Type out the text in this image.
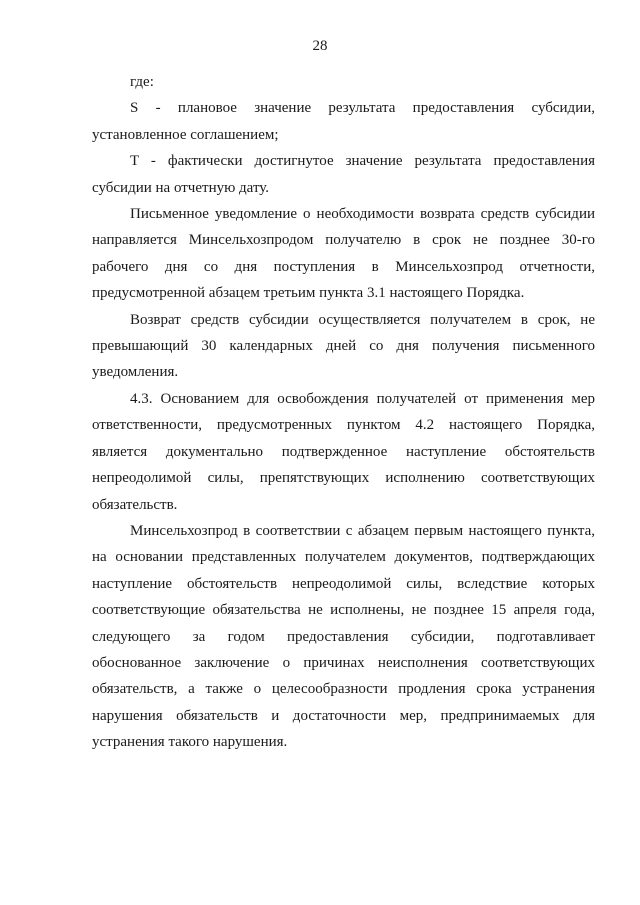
28

где:

S - плановое значение результата предоставления субсидии, установленное соглашением;

T - фактически достигнутое значение результата предоставления субсидии на отчетную дату.

Письменное уведомление о необходимости возврата средств субсидии направляется Минсельхозпродом получателю в срок не позднее 30-го рабочего дня со дня поступления в Минсельхозпрод отчетности, предусмотренной абзацем третьим пункта 3.1 настоящего Порядка.

Возврат средств субсидии осуществляется получателем в срок, не превышающий 30 календарных дней со дня получения письменного уведомления.

4.3. Основанием для освобождения получателей от применения мер ответственности, предусмотренных пунктом 4.2 настоящего Порядка, является документально подтвержденное наступление обстоятельств непреодолимой силы, препятствующих исполнению соответствующих обязательств.

Минсельхозпрод в соответствии с абзацем первым настоящего пункта, на основании представленных получателем документов, подтверждающих наступление обстоятельств непреодолимой силы, вследствие которых соответствующие обязательства не исполнены, не позднее 15 апреля года, следующего за годом предоставления субсидии, подготавливает обоснованное заключение о причинах неисполнения соответствующих обязательств, а также о целесообразности продления срока устранения нарушения обязательств и достаточности мер, предпринимаемых для устранения такого нарушения.
